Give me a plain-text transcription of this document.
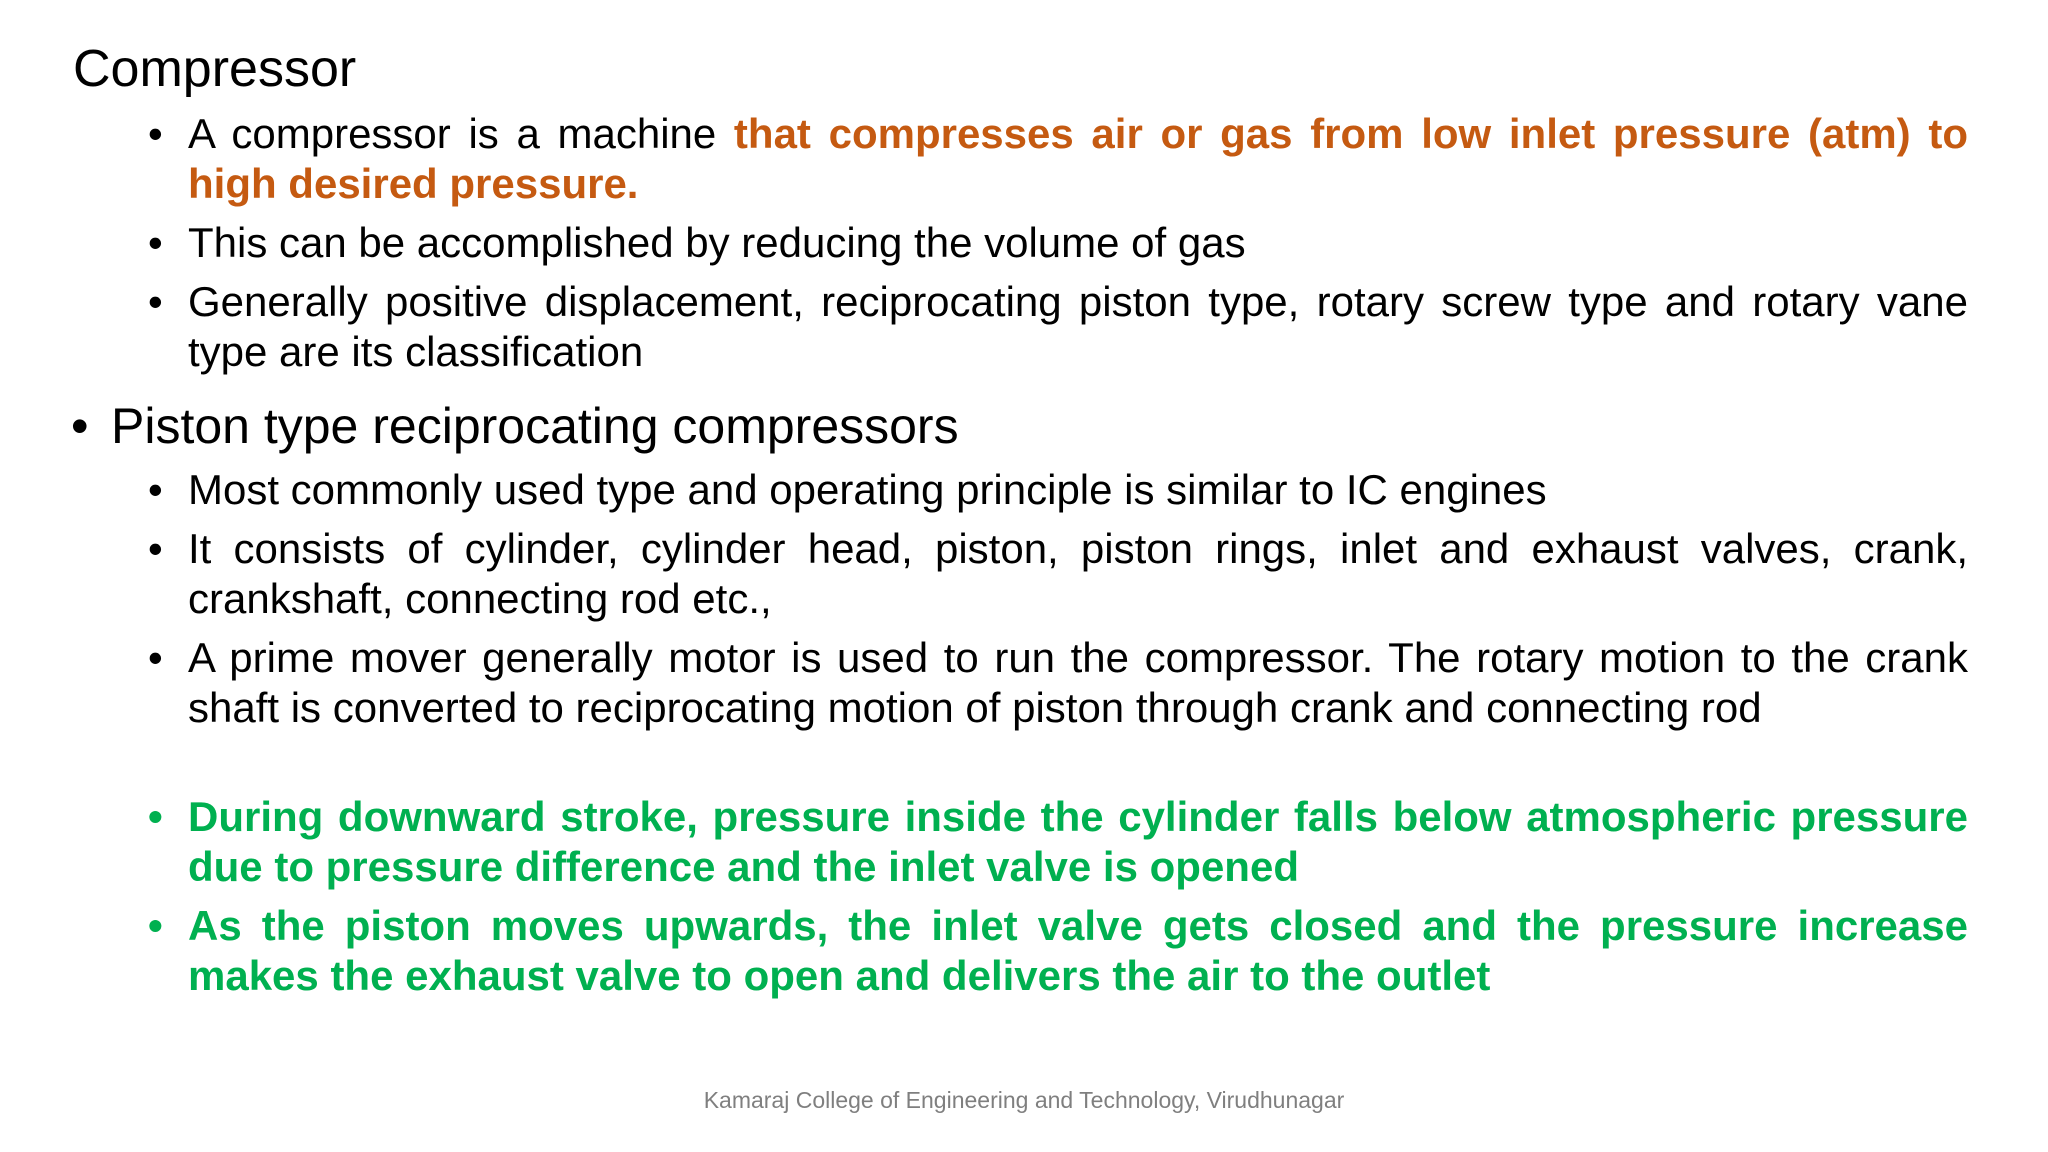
Compressor
• A compressor is a machine that compresses air or gas from low inlet pressure (atm) to high desired pressure.
• This can be accomplished by reducing the volume of gas
• Generally positive displacement, reciprocating piston type, rotary screw type and rotary vane type are its classification
• Piston type reciprocating compressors
• Most commonly used type and operating principle is similar to IC engines
• It consists of cylinder, cylinder head, piston, piston rings, inlet and exhaust valves, crank, crankshaft, connecting rod etc.,
• A prime mover generally motor is used to run the compressor. The rotary motion to the crank shaft is converted to reciprocating motion of piston through crank and connecting rod
• During downward stroke, pressure inside the cylinder falls below atmospheric pressure due to pressure difference and the inlet valve is opened
• As the piston moves upwards, the inlet valve gets closed and the pressure increase makes the exhaust valve to open and delivers the air to the outlet
Kamaraj College of Engineering and Technology, Virudhunagar
